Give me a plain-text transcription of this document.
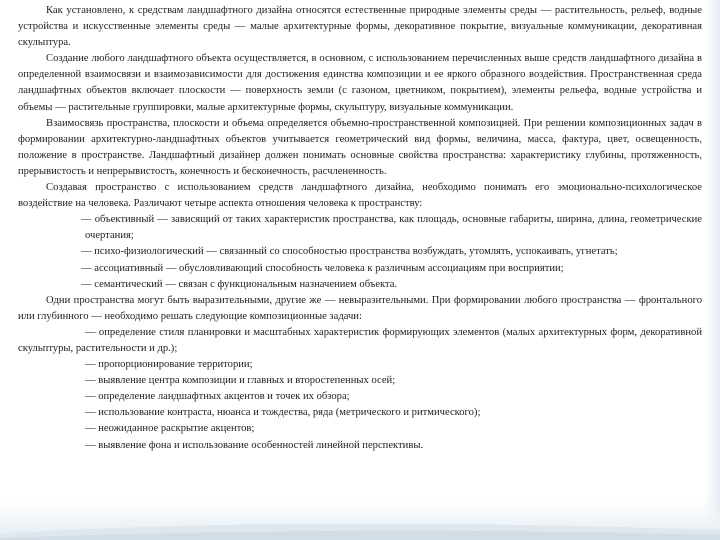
Как установлено, к средствам ландшафтного дизайна относятся естественные природные элементы среды — растительность, рельеф, водные устройства и искусственные элементы среды — малые архитектурные формы, декоративное покрытие, визуальные коммуникации, декоративная скульптура.

Создание любого ландшафтного объекта осуществляется, в основном, с использованием перечисленных выше средств ландшафтного дизайна в определенной взаимосвязи и взаимозависимости для достижения единства композиции и ее яркого образного воздействия. Пространственная среда ландшафтных объектов включает плоскости — поверхность земли (с газоном, цветником, покрытием), элементы рельефа, водные устройства и объемы — растительные группировки, малые архитектурные формы, скульптуру, визуальные коммуникации.

Взаимосвязь пространства, плоскости и объема определяется объемно-пространственной композицией. При решении композиционных задач в формировании архитектурно-ландшафтных объектов учитывается геометрический вид формы, величина, масса, фактура, цвет, освещенность, положение в пространстве. Ландшафтный дизайнер должен понимать основные свойства пространства: характеристику глубины, протяженность, прерывистость и непрерывистость, конечность и бесконечность, расчлененность.

Создавая пространство с использованием средств ландшафтного дизайна, необходимо понимать его эмоционально-психологическое воздействие на человека. Различают четыре аспекта отношения человека к пространству:

— объективный — зависящий от таких характеристик пространства, как площадь, основные габариты, ширина, длина, геометрические очертания;

— психо-физиологический — связанный со способностью пространства возбуждать, утомлять, успокаивать, угнетать;

— ассоциативный — обусловливающий способность человека к различным ассоциациям при восприятии;

— семантический — связан с функциональным назначением объекта.

Одни пространства могут быть выразительными, другие же — невыразительными. При формировании любого пространства — фронтального или глубинного — необходимо решать следующие композиционные задачи:

— определение стиля планировки и масштабных характеристик формирующих элементов (малых архитектурных форм, декоративной скульптуры, растительности и др.);

— пропорционирование территории;

— выявление центра композиции и главных и второстепенных осей;

— определение ландшафтных акцентов и точек их обзора;

— использование контраста, нюанса и тождества, ряда (метрического и ритмического);

— неожиданное раскрытие акцентов;

— выявление фона и использование особенностей линейной перспективы.
